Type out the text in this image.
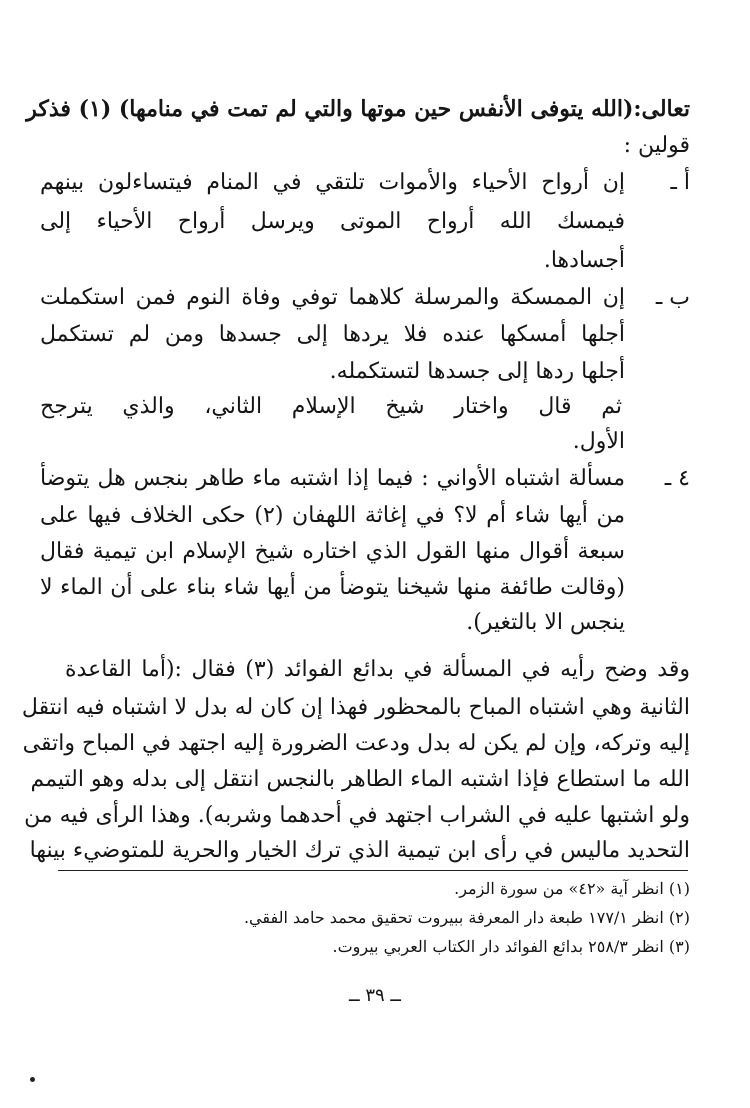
تعالى:(الله يتوفى الأنفس حين موتها والتي لم تمت في منامها) (١) فذكر
قولين :
أ ـ
إن أرواح الأحياء والأموات تلتقي في المنام فيتساءلون بينهم
فيمسك الله أرواح الموتى ويرسل أرواح الأحياء إلى
أجسادها.
ب ـ
إن الممسكة والمرسلة كلاهما توفي وفاة النوم فمن استكملت
أجلها أمسكها عنده فلا يردها إلى جسدها ومن لم تستكمل
أجلها ردها إلى جسدها لتستكمله.
ثم قال واختار شيخ الإسلام الثاني، والذي يترجح
الأول.
٤ ـ
مسألة اشتباه الأواني : فيما إذا اشتبه ماء طاهر بنجس هل يتوضأ
من أيها شاء أم لا؟ في إغاثة اللهفان (٢) حكى الخلاف فيها على
سبعة أقوال منها القول الذي اختاره شيخ الإسلام ابن تيمية فقال
(وقالت طائفة منها شيخنا يتوضأ من أيها شاء بناء على أن الماء لا
ينجس الا بالتغير).
وقد وضح رأيه في المسألة في بدائع الفوائد (٣) فقال :(أما القاعدة
الثانية وهي اشتباه المباح بالمحظور فهذا إن كان له بدل لا اشتباه فيه انتقل
إليه وتركه، وإن لم يكن له بدل ودعت الضرورة إليه اجتهد في المباح واتقى
الله ما استطاع فإذا اشتبه الماء الطاهر بالنجس انتقل إلى بدله وهو التيمم
ولو اشتبها عليه في الشراب اجتهد في أحدهما وشربه). وهذا الرأى فيه من
التحديد ماليس في رأى ابن تيمية الذي ترك الخيار والحرية للمتوضيء بينها
(١) انظر آية «٤٢» من سورة الزمر.
(٢) انظر ١٧٧/١ طبعة دار المعرفة ببيروت تحقيق محمد حامد الفقي.
(٣) انظر ٢٥٨/٣ بدائع الفوائد دار الكتاب العربي بيروت.
ــ ٣٩ ــ
